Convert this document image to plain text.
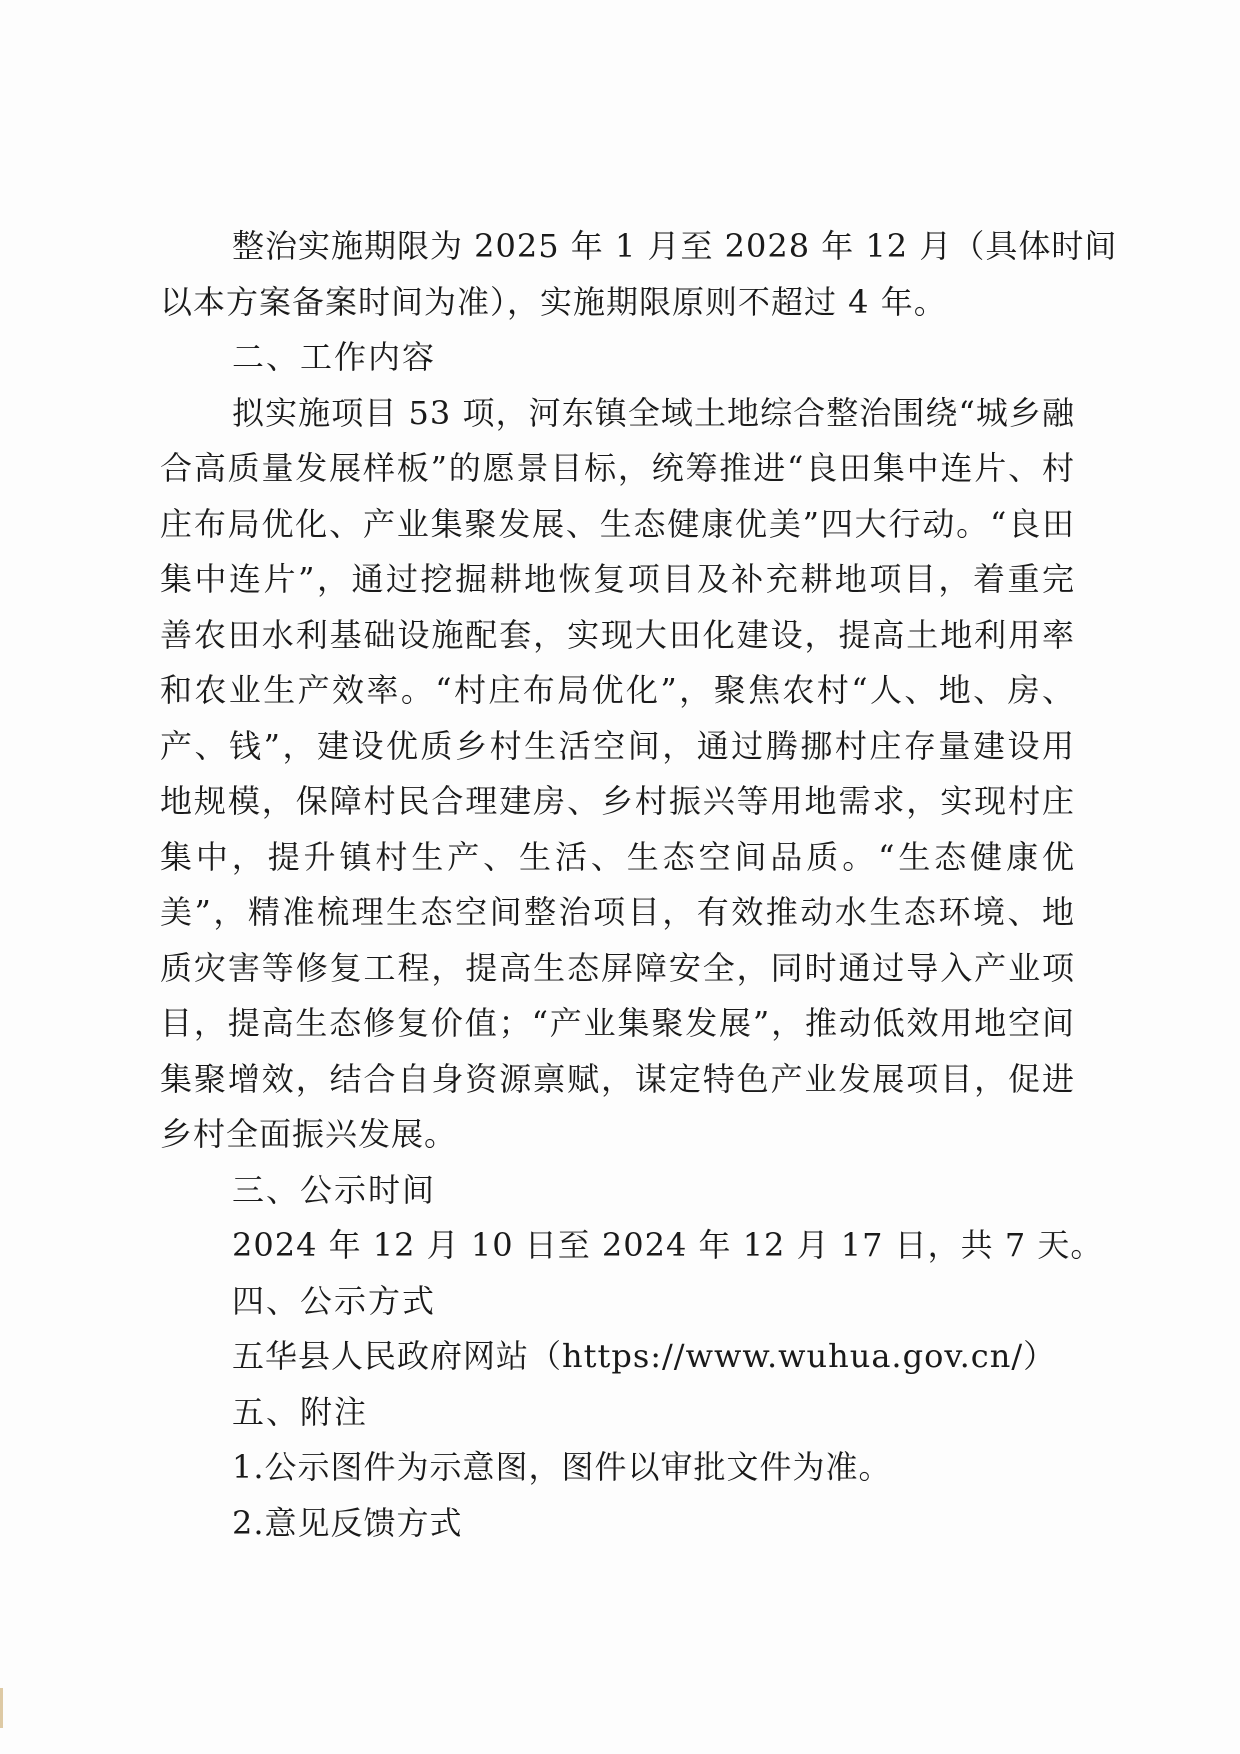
整治实施期限为 2025 年 1 月至 2028 年 12 月（具体时间
以本方案备案时间为准），实施期限原则不超过 4 年。
二、工作内容
拟实施项目 53 项，河东镇全域土地综合整治围绕“城乡融
合高质量发展样板”的愿景目标，统筹推进“良田集中连片、村
庄布局优化、产业集聚发展、生态健康优美”四大行动。“良田
集中连片”，通过挖掘耕地恢复项目及补充耕地项目，着重完
善农田水利基础设施配套，实现大田化建设，提高土地利用率
和农业生产效率。“村庄布局优化”，聚焦农村“人、地、房、
产、钱”，建设优质乡村生活空间，通过腾挪村庄存量建设用
地规模，保障村民合理建房、乡村振兴等用地需求，实现村庄
集中，提升镇村生产、生活、生态空间品质。“生态健康优
美”，精准梳理生态空间整治项目，有效推动水生态环境、地
质灾害等修复工程，提高生态屏障安全，同时通过导入产业项
目，提高生态修复价值；“产业集聚发展”，推动低效用地空间
集聚增效，结合自身资源禀赋，谋定特色产业发展项目，促进
乡村全面振兴发展。
三、公示时间
2024 年 12 月 10 日至 2024 年 12 月 17 日，共 7 天。
四、公示方式
五华县人民政府网站（https://www.wuhua.gov.cn/）
五、附注
1.公示图件为示意图，图件以审批文件为准。
2.意见反馈方式
